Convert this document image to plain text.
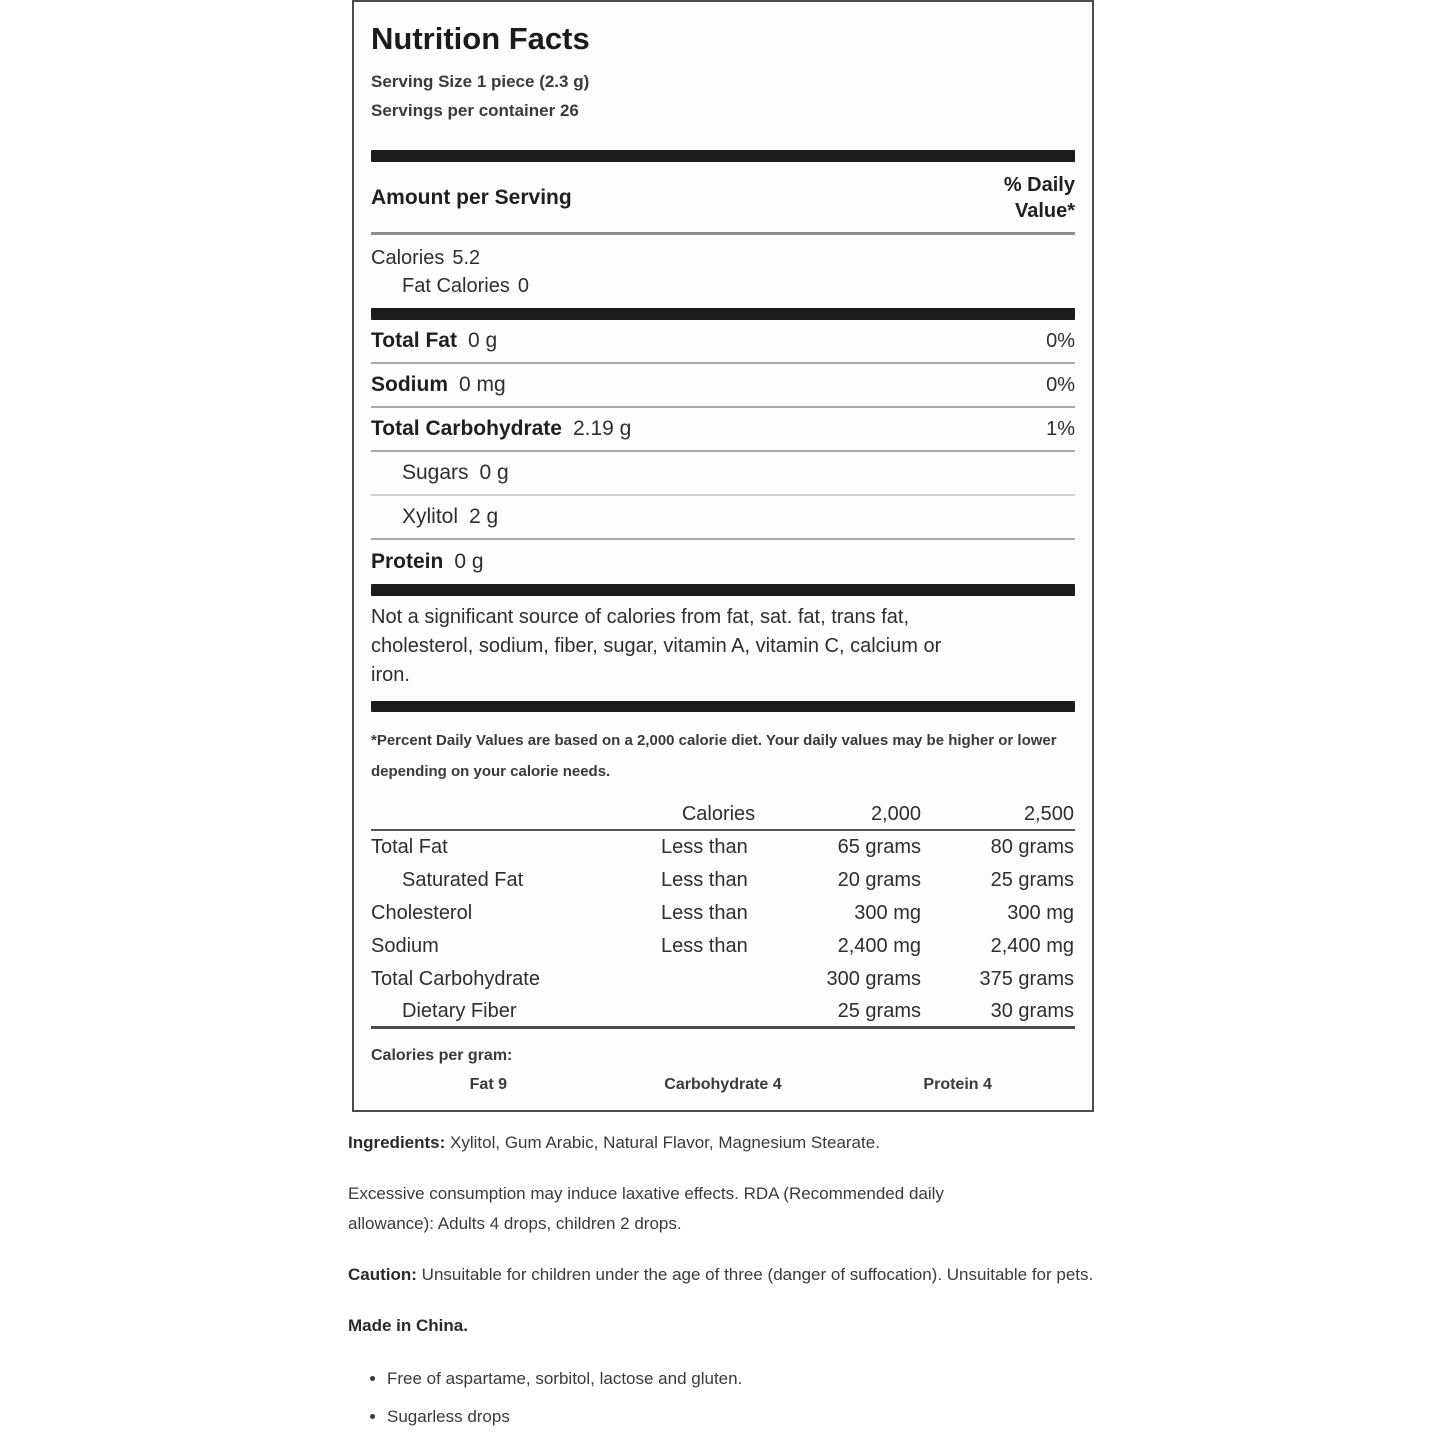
Nutrition Facts
Serving Size 1 piece (2.3 g)
Servings per container 26
Amount per Serving
% Daily Value*
Calories 5.2
Fat Calories 0
Total Fat 0 g	0%
Sodium 0 mg	0%
Total Carbohydrate 2.19 g	1%
Sugars 0 g
Xylitol 2 g
Protein 0 g
Not a significant source of calories from fat, sat. fat, trans fat, cholesterol, sodium, fiber, sugar, vitamin A, vitamin C, calcium or iron.
*Percent Daily Values are based on a 2,000 calorie diet. Your daily values may be higher or lower depending on your calorie needs.
Calories	2,000	2,500
Total Fat	Less than	65 grams	80 grams
Saturated Fat	Less than	20 grams	25 grams
Cholesterol	Less than	300 mg	300 mg
Sodium	Less than	2,400 mg	2,400 mg
Total Carbohydrate	300 grams	375 grams
Dietary Fiber	25 grams	30 grams
Calories per gram:
Fat 9	Carbohydrate 4	Protein 4
Ingredients: Xylitol, Gum Arabic, Natural Flavor, Magnesium Stearate.
Excessive consumption may induce laxative effects. RDA (Recommended daily allowance): Adults 4 drops, children 2 drops.
Caution: Unsuitable for children under the age of three (danger of suffocation). Unsuitable for pets.
Made in China.
• Free of aspartame, sorbitol, lactose and gluten.
• Sugarless drops
